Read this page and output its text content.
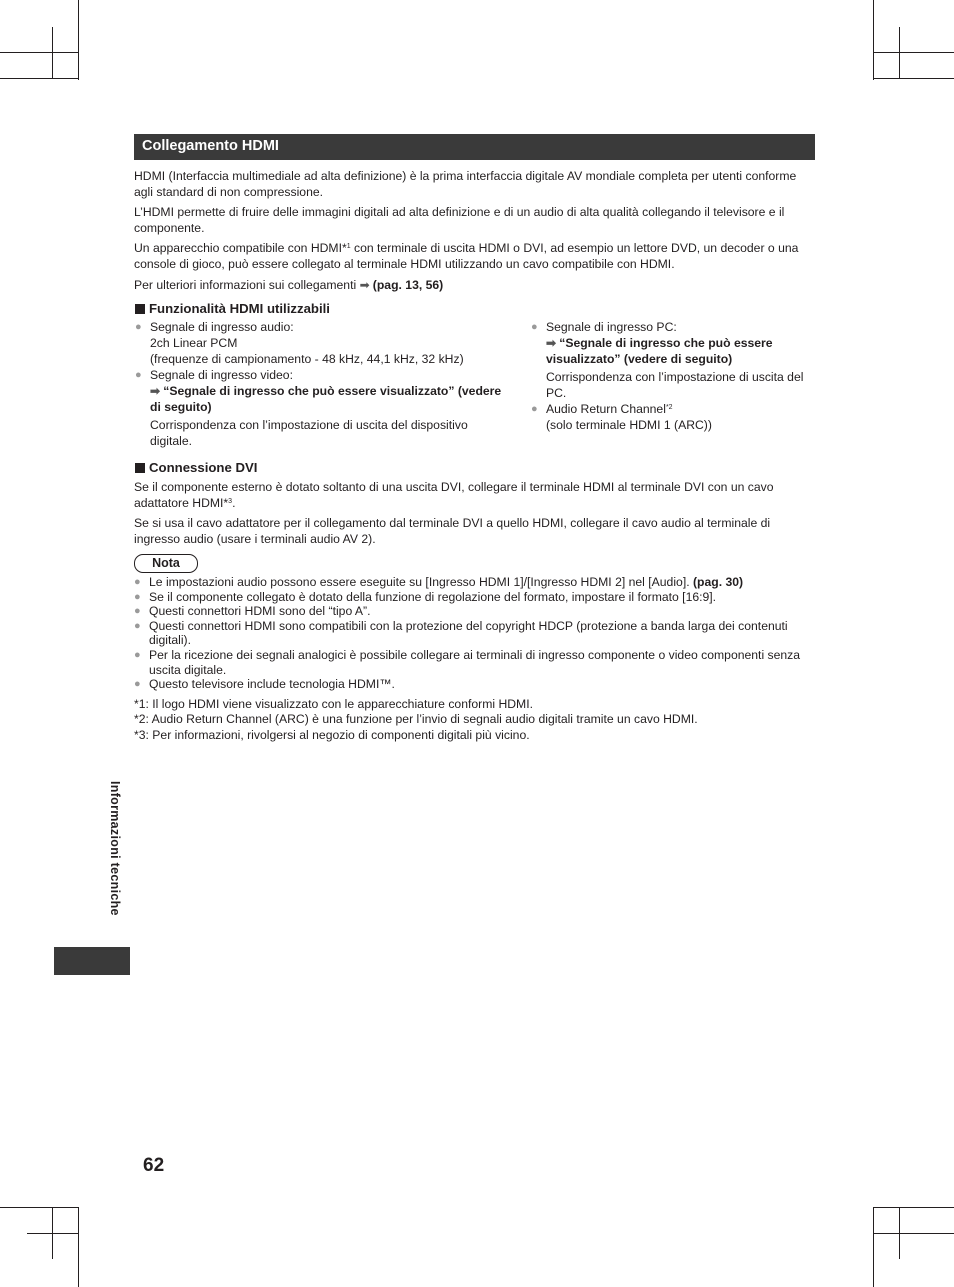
Collegamento HDMI

HDMI (Interfaccia multimediale ad alta definizione) è la prima interfaccia digitale AV mondiale completa per utenti conforme agli standard di non compressione.

L’HDMI permette di fruire delle immagini digitali ad alta definizione e di un audio di alta qualità collegando il televisore e il componente.

Un apparecchio compatibile con HDMI*$^1$ con terminale di uscita HDMI o DVI, ad esempio un lettore DVD, un decoder o una console di gioco, può essere collegato al terminale HDMI utilizzando un cavo compatibile con HDMI.

Per ulteriori informazioni sui collegamenti ➡ (pag. 13, 56)

Funzionalità HDMI utilizzabili
● Segnale di ingresso audio:
2ch Linear PCM
(frequenze di campionamento - 48 kHz, 44,1 kHz, 32 kHz)
● Segnale di ingresso video:
➡ “Segnale di ingresso che può essere visualizzato” (vedere di seguito)
Corrispondenza con l’impostazione di uscita del dispositivo digitale.
● Segnale di ingresso PC:
➡ “Segnale di ingresso che può essere visualizzato” (vedere di seguito)
Corrispondenza con l’impostazione di uscita del PC.
● Audio Return Channel$^{*2}$
(solo terminale HDMI 1 (ARC))
Connessione DVI

Se il componente esterno è dotato soltanto di una uscita DVI, collegare il terminale HDMI al terminale DVI con un cavo adattatore HDMI*$^3$.

Se si usa il cavo adattatore per il collegamento dal terminale DVI a quello HDMI, collegare il cavo audio al terminale di ingresso audio (usare i terminali audio AV 2).

Nota
● Le impostazioni audio possono essere eseguite su [Ingresso HDMI 1]/[Ingresso HDMI 2] nel [Audio]. (pag. 30)
● Se il componente collegato è dotato della funzione di regolazione del formato, impostare il formato [16:9].
● Questi connettori HDMI sono del “tipo A”.
● Questi connettori HDMI sono compatibili con la protezione del copyright HDCP (protezione a banda larga dei contenuti digitali).
● Per la ricezione dei segnali analogici è possibile collegare ai terminali di ingresso componente o video componenti senza uscita digitale.
● Questo televisore include tecnologia HDMI™.
*1: Il logo HDMI viene visualizzato con le apparecchiature conformi HDMI.
*2: Audio Return Channel (ARC) è una funzione per l’invio di segnali audio digitali tramite un cavo HDMI.
*3: Per informazioni, rivolgersi al negozio di componenti digitali più vicino.
Informazioni tecniche
62
